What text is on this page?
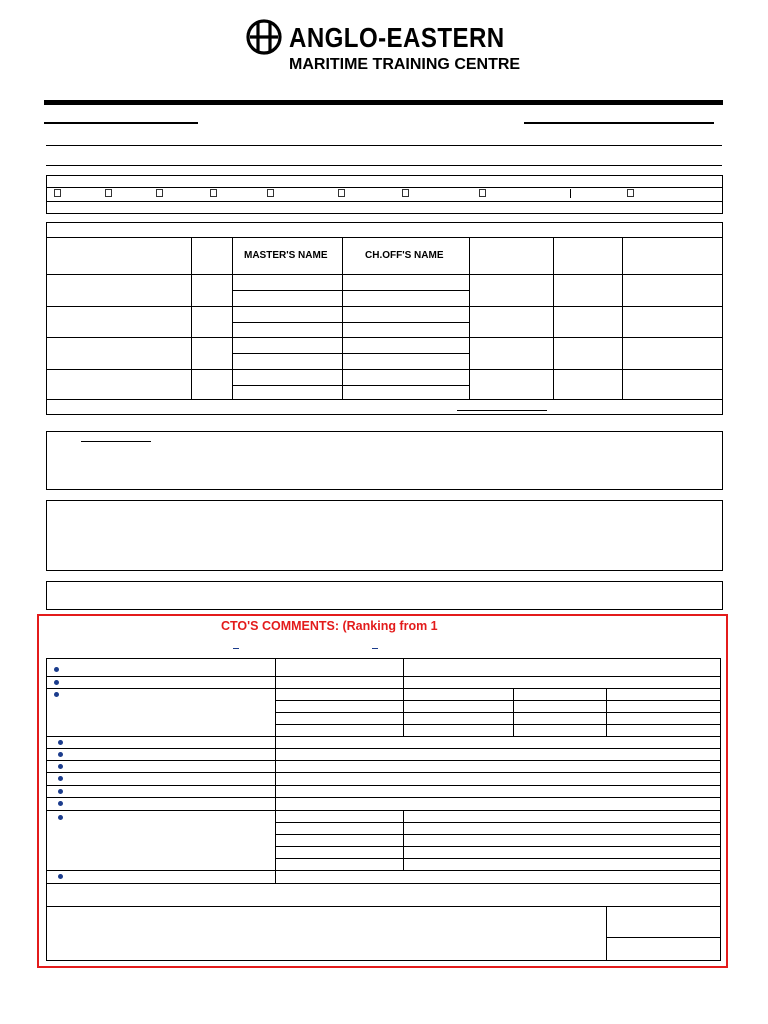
ANGLO-EASTERN
MARITIME TRAINING CENTRE
MASTER'S NAME	CH.OFF'S NAME
CTO'S COMMENTS: (Ranking from 1
